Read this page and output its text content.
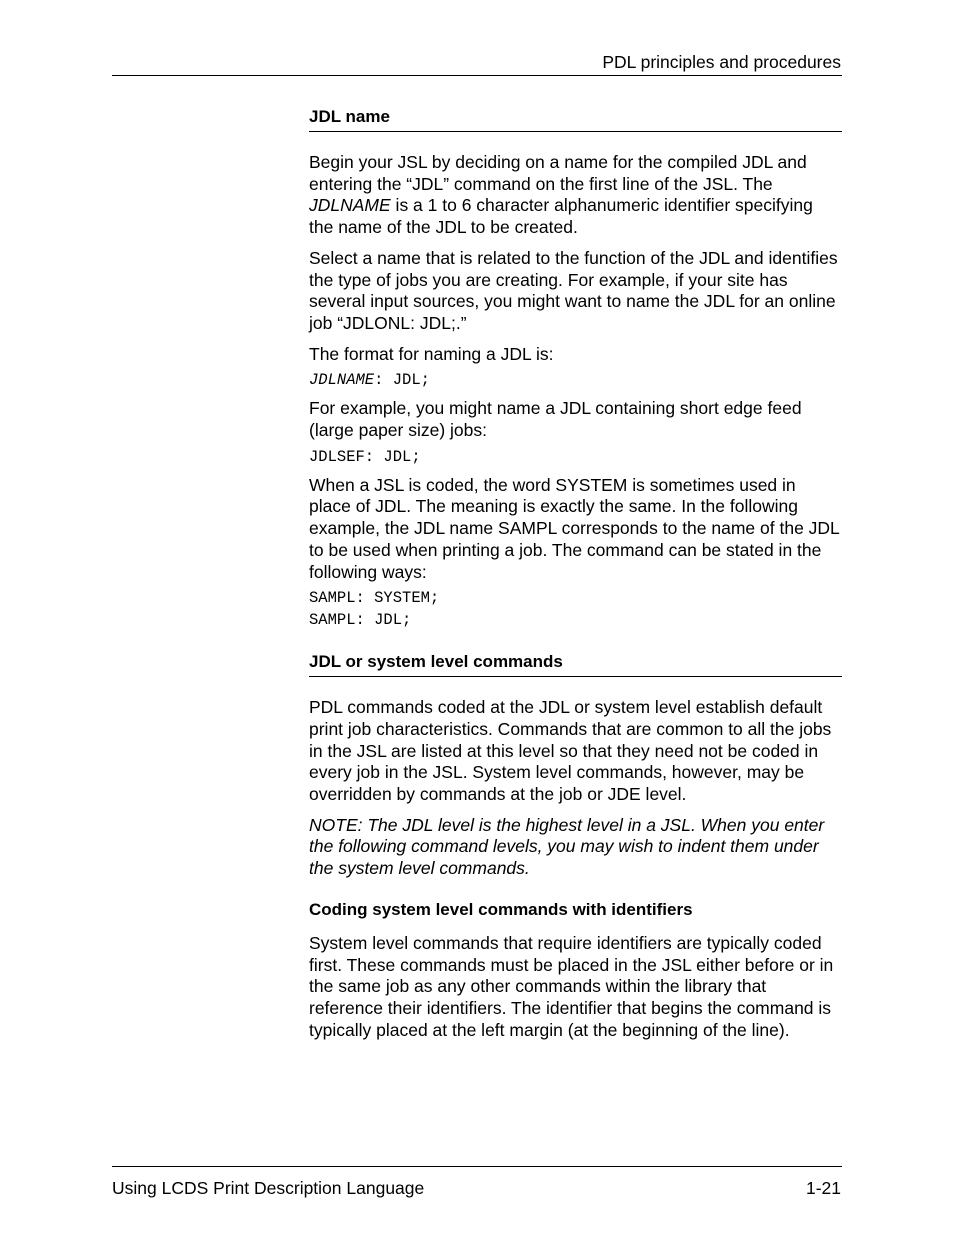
PDL principles and procedures
JDL name

Begin your JSL by deciding on a name for the compiled JDL and entering the “JDL” command on the first line of the JSL. The JDLNAME is a 1 to 6 character alphanumeric identifier specifying the name of the JDL to be created.

Select a name that is related to the function of the JDL and identifies the type of jobs you are creating. For example, if your site has several input sources, you might want to name the JDL for an online job “JDLONL: JDL;.”

The format for naming a JDL is:

JDLNAME: JDL;

For example, you might name a JDL containing short edge feed (large paper size) jobs:

JDLSEF: JDL;

When a JSL is coded, the word SYSTEM is sometimes used in place of JDL. The meaning is exactly the same. In the following example, the JDL name SAMPL corresponds to the name of the JDL to be used when printing a job. The command can be stated in the following ways:

SAMPL: SYSTEM;
SAMPL: JDL;
JDL or system level commands

PDL commands coded at the JDL or system level establish default print job characteristics. Commands that are common to all the jobs in the JSL are listed at this level so that they need not be coded in every job in the JSL. System level commands, however, may be overridden by commands at the job or JDE level.

NOTE: The JDL level is the highest level in a JSL. When you enter the following command levels, you may wish to indent them under the system level commands.

Coding system level commands with identifiers

System level commands that require identifiers are typically coded first. These commands must be placed in the JSL either before or in the same job as any other commands within the library that reference their identifiers. The identifier that begins the command is typically placed at the left margin (at the beginning of the line).

Using LCDS Print Description Language	1-21
